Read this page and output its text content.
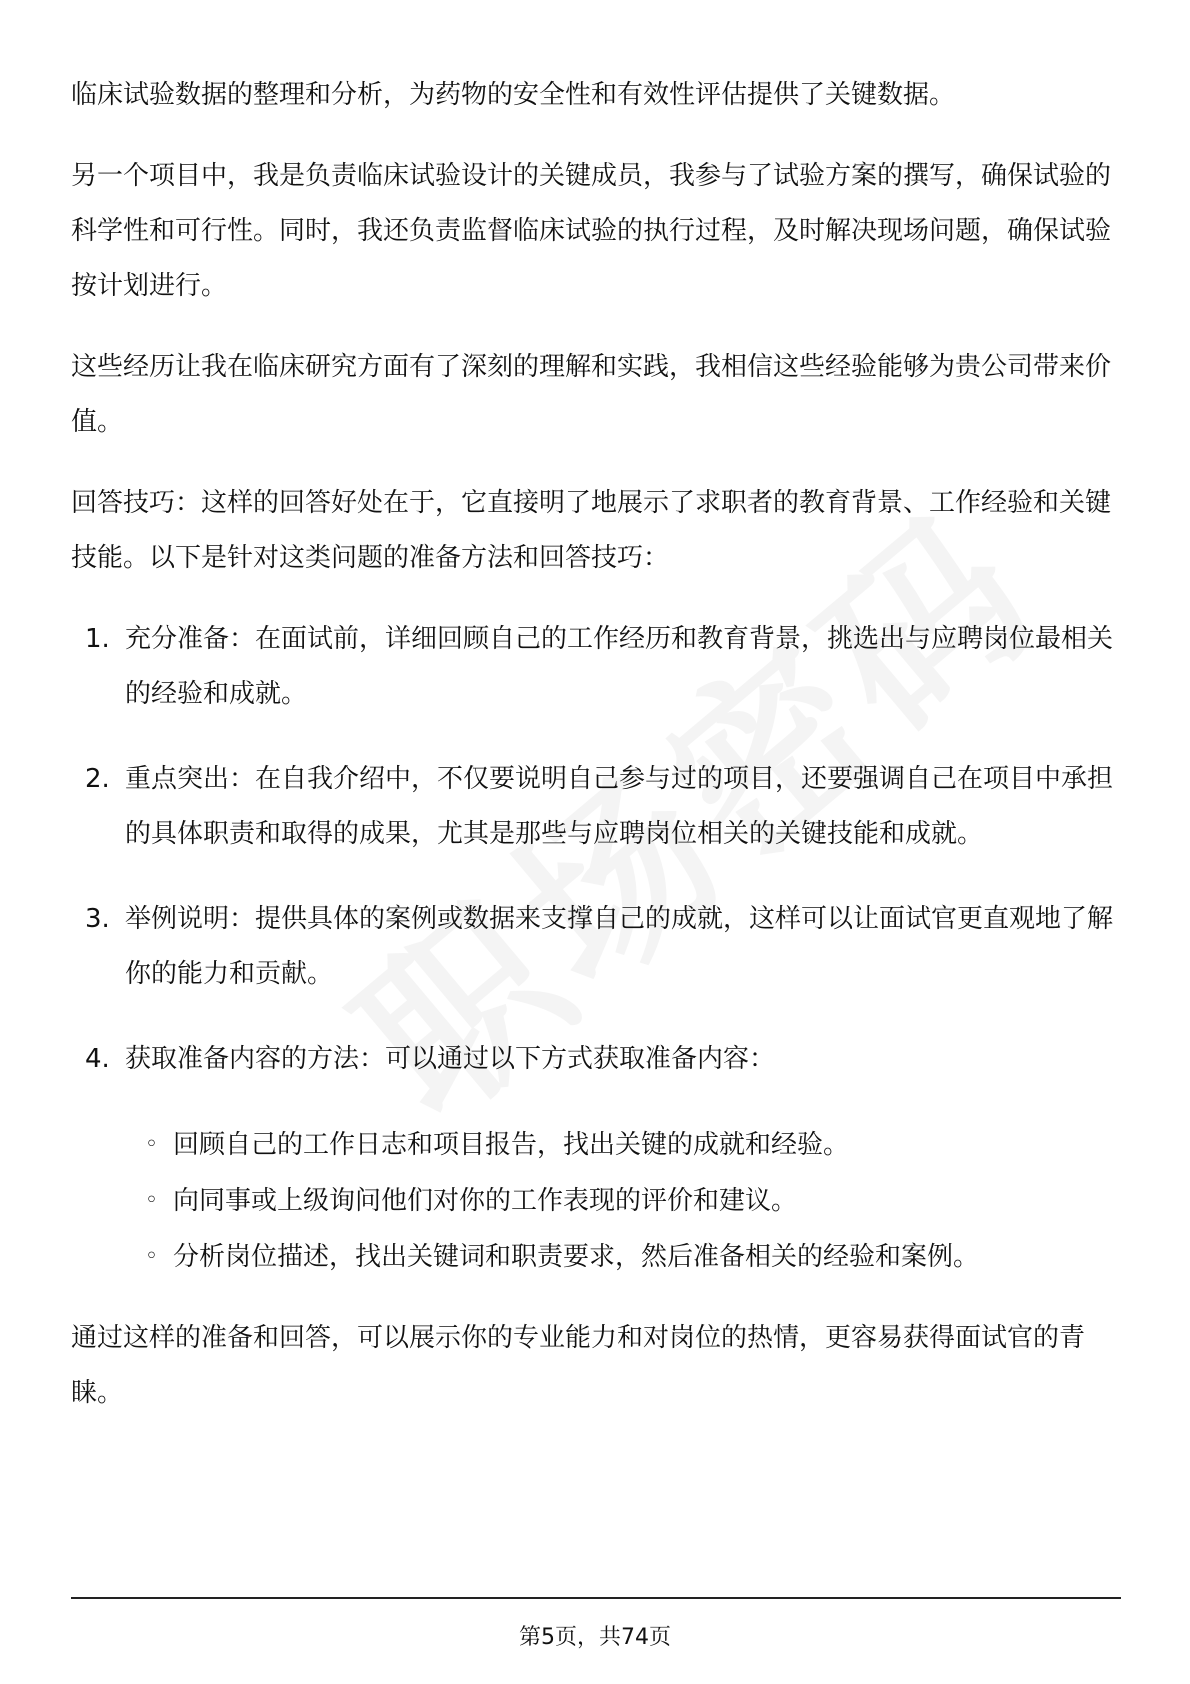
临床试验数据的整理和分析，为药物的安全性和有效性评估提供了关键数据。

另一个项目中，我是负责临床试验设计的关键成员，我参与了试验方案的撰写，确保试验的科学性和可行性。同时，我还负责监督临床试验的执行过程，及时解决现场问题，确保试验按计划进行。

这些经历让我在临床研究方面有了深刻的理解和实践，我相信这些经验能够为贵公司带来价值。

回答技巧：这样的回答好处在于，它直接明了地展示了求职者的教育背景、工作经验和关键技能。以下是针对这类问题的准备方法和回答技巧：

1. 充分准备：在面试前，详细回顾自己的工作经历和教育背景，挑选出与应聘岗位最相关的经验和成就。
2. 重点突出：在自我介绍中，不仅要说明自己参与过的项目，还要强调自己在项目中承担的具体职责和取得的成果，尤其是那些与应聘岗位相关的关键技能和成就。
3. 举例说明：提供具体的案例或数据来支撑自己的成就，这样可以让面试官更直观地了解你的能力和贡献。
4. 获取准备内容的方法：可以通过以下方式获取准备内容：
◦ 回顾自己的工作日志和项目报告，找出关键的成就和经验。
◦ 向同事或上级询问他们对你的工作表现的评价和建议。
◦ 分析岗位描述，找出关键词和职责要求，然后准备相关的经验和案例。

通过这样的准备和回答，可以展示你的专业能力和对岗位的热情，更容易获得面试官的青睐。

第5页，共74页
